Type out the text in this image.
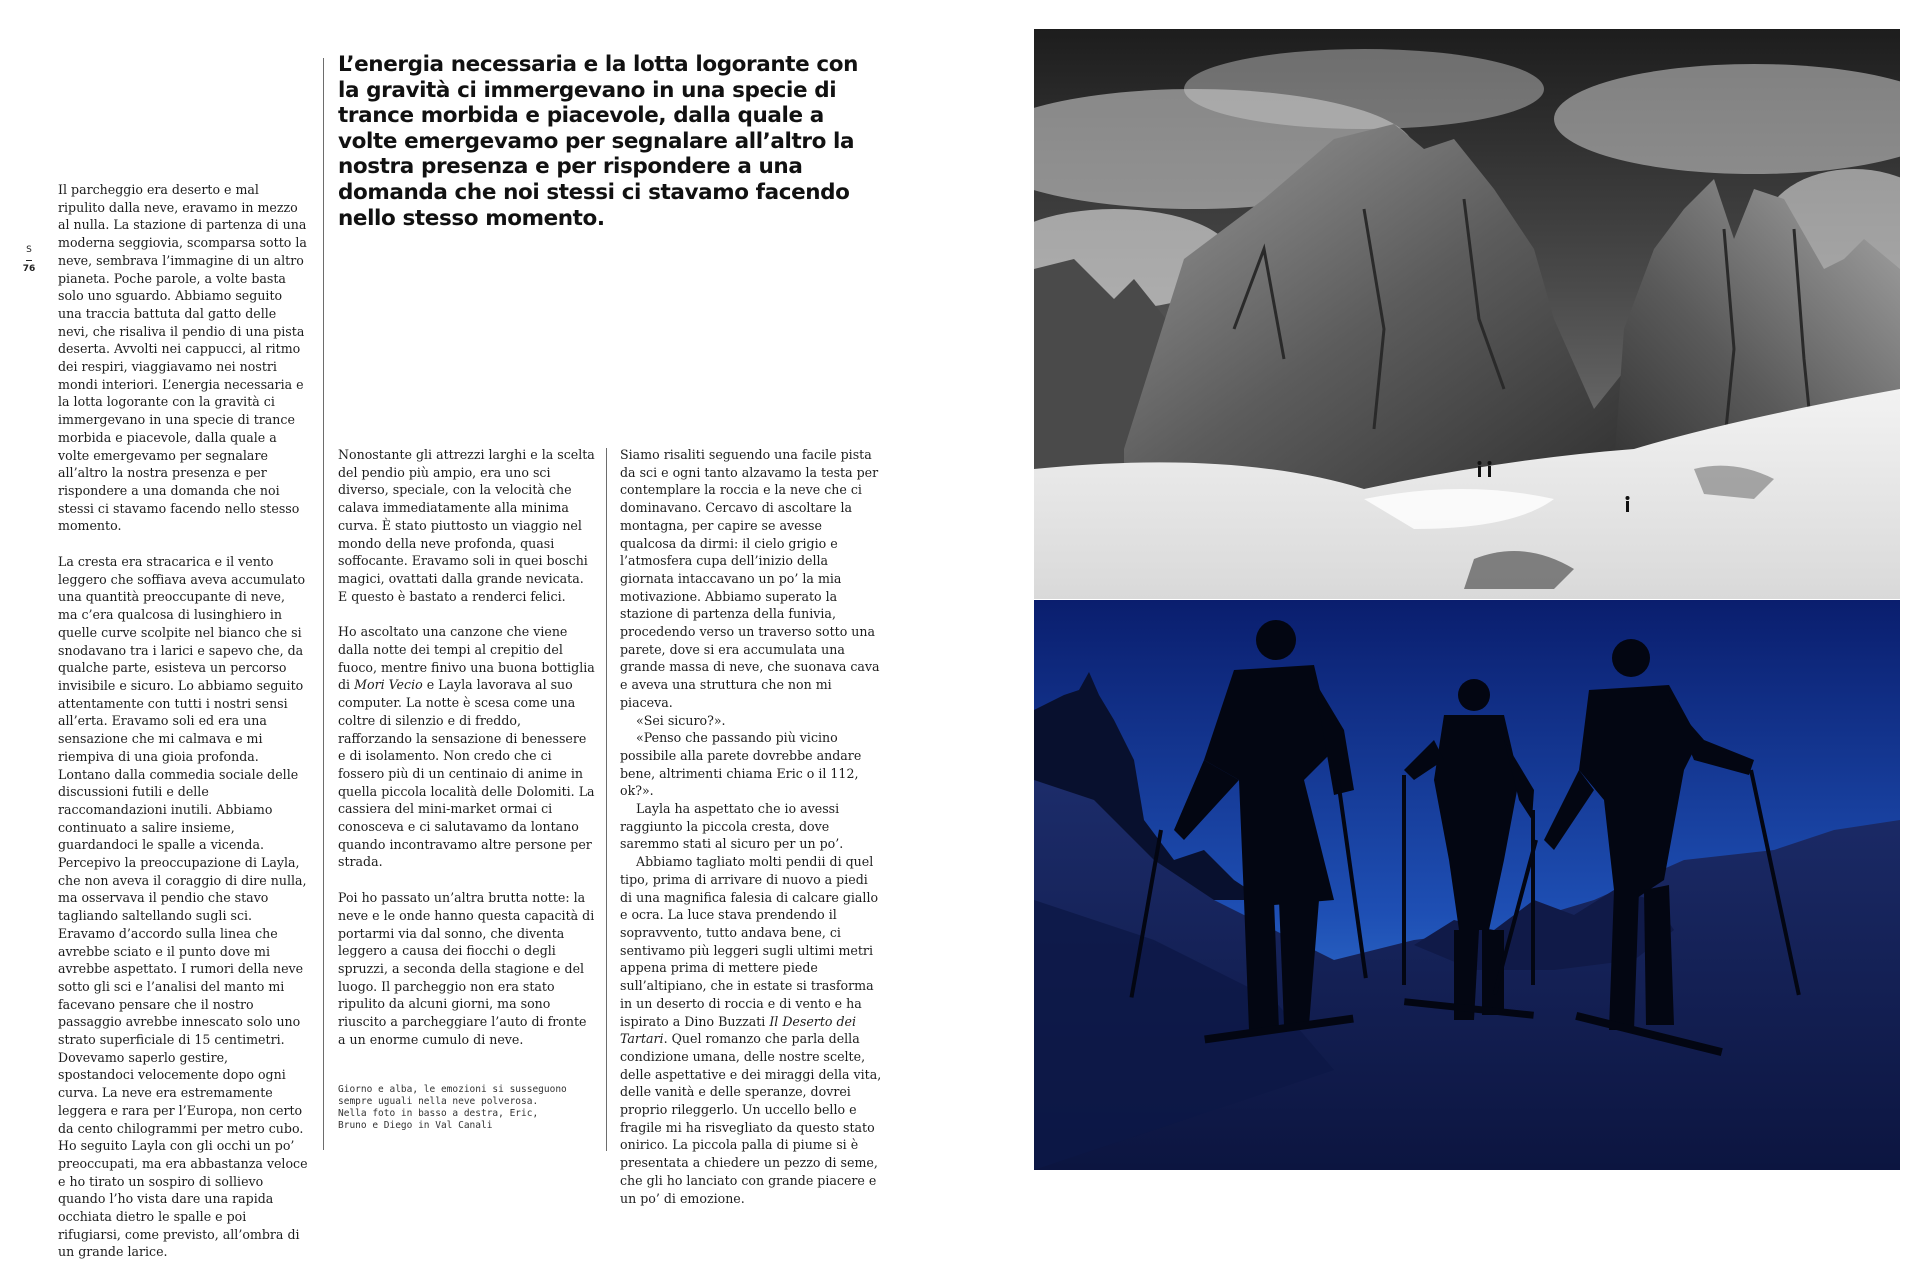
S
76

L’energia necessaria e la lotta logorante con la gravità ci immergevano in una specie di trance morbida e piacevole, dalla quale a volte emergevamo per segnalare all’altro la nostra presenza e per rispondere a una domanda che noi stessi ci stavamo facendo nello stesso momento.

Il parcheggio era deserto e mal ripulito dalla neve, eravamo in mezzo al nulla. La stazione di partenza di una moderna seggiovia, scomparsa sotto la neve, sembrava l’immagine di un altro pianeta. Poche parole, a volte basta solo uno sguardo. Abbiamo seguito una traccia battuta dal gatto delle nevi, che risaliva il pendio di una pista deserta. Avvolti nei cappucci, al ritmo dei respiri, viaggiavamo nei nostri mondi interiori. L’energia necessaria e la lotta logorante con la gravità ci immergevano in una specie di trance morbida e piacevole, dalla quale a volte emergevamo per segnalare all’altro la nostra presenza e per rispondere a una domanda che noi stessi ci stavamo facendo nello stesso momento.

La cresta era stracarica e il vento leggero che soffiava aveva accumulato una quantità preoccupante di neve, ma c’era qualcosa di lusinghiero in quelle curve scolpite nel bianco che si snodavano tra i larici e sapevo che, da qualche parte, esisteva un percorso invisibile e sicuro. Lo abbiamo seguito attentamente con tutti i nostri sensi all’erta. Eravamo soli ed era una sensazione che mi calmava e mi riempiva di una gioia profonda. Lontano dalla commedia sociale delle discussioni futili e delle raccomandazioni inutili. Abbiamo continuato a salire insieme, guardandoci le spalle a vicenda. Percepivo la preoccupazione di Layla, che non aveva il coraggio di dire nulla, ma osservava il pendio che stavo tagliando saltellando sugli sci. Eravamo d’accordo sulla linea che avrebbe sciato e il punto dove mi avrebbe aspettato. I rumori della neve sotto gli sci e l’analisi del manto mi facevano pensare che il nostro passaggio avrebbe innescato solo uno strato superficiale di 15 centimetri. Dovevamo saperlo gestire, spostandoci velocemente dopo ogni curva. La neve era estremamente leggera e rara per l’Europa, non certo da cento chilogrammi per metro cubo. Ho seguito Layla con gli occhi un po’ preoccupati, ma era abbastanza veloce e ho tirato un sospiro di sollievo quando l’ho vista dare una rapida occhiata dietro le spalle e poi rifugiarsi, come previsto, all’ombra di un grande larice.

Nonostante gli attrezzi larghi e la scelta del pendio più ampio, era uno sci diverso, speciale, con la velocità che calava immediatamente alla minima curva. È stato piuttosto un viaggio nel mondo della neve profonda, quasi soffocante. Eravamo soli in quei boschi magici, ovattati dalla grande nevicata. E questo è bastato a renderci felici.

Ho ascoltato una canzone che viene dalla notte dei tempi al crepitio del fuoco, mentre finivo una buona bottiglia di Mori Vecio e Layla lavorava al suo computer. La notte è scesa come una coltre di silenzio e di freddo, rafforzando la sensazione di benessere e di isolamento. Non credo che ci fossero più di un centinaio di anime in quella piccola località delle Dolomiti. La cassiera del mini-market ormai ci conosceva e ci salutavamo da lontano quando incontravamo altre persone per strada.

Poi ho passato un’altra brutta notte: la neve e le onde hanno questa capacità di portarmi via dal sonno, che diventa leggero a causa dei fiocchi o degli spruzzi, a seconda della stagione e del luogo. Il parcheggio non era stato ripulito da alcuni giorni, ma sono riuscito a parcheggiare l’auto di fronte a un enorme cumulo di neve.

Giorno e alba, le emozioni si susseguono sempre uguali nella neve polverosa. Nella foto in basso a destra, Eric, Bruno e Diego in Val Canali

Siamo risaliti seguendo una facile pista da sci e ogni tanto alzavamo la testa per contemplare la roccia e la neve che ci dominavano. Cercavo di ascoltare la montagna, per capire se avesse qualcosa da dirmi: il cielo grigio e l’atmosfera cupa dell’inizio della giornata intaccavano un po’ la mia motivazione. Abbiamo superato la stazione di partenza della funivia, procedendo verso un traverso sotto una parete, dove si era accumulata una grande massa di neve, che suonava cava e aveva una struttura che non mi piaceva.

«Sei sicuro?».

«Penso che passando più vicino possibile alla parete dovrebbe andare bene, altrimenti chiama Eric o il 112, ok?».

Layla ha aspettato che io avessi raggiunto la piccola cresta, dove saremmo stati al sicuro per un po’.

Abbiamo tagliato molti pendii di quel tipo, prima di arrivare di nuovo a piedi di una magnifica falesia di calcare giallo e ocra. La luce stava prendendo il sopravvento, tutto andava bene, ci sentivamo più leggeri sugli ultimi metri appena prima di mettere piede sull’altipiano, che in estate si trasforma in un deserto di roccia e di vento e ha ispirato a Dino Buzzati Il Deserto dei Tartari. Quel romanzo che parla della condizione umana, delle nostre scelte, delle aspettative e dei miraggi della vita, delle vanità e delle speranze, dovrei proprio rileggerlo. Un uccello bello e fragile mi ha risvegliato da questo stato onirico. La piccola palla di piume si è presentata a chiedere un pezzo di seme, che gli ho lanciato con grande piacere e un po’ di emozione.
